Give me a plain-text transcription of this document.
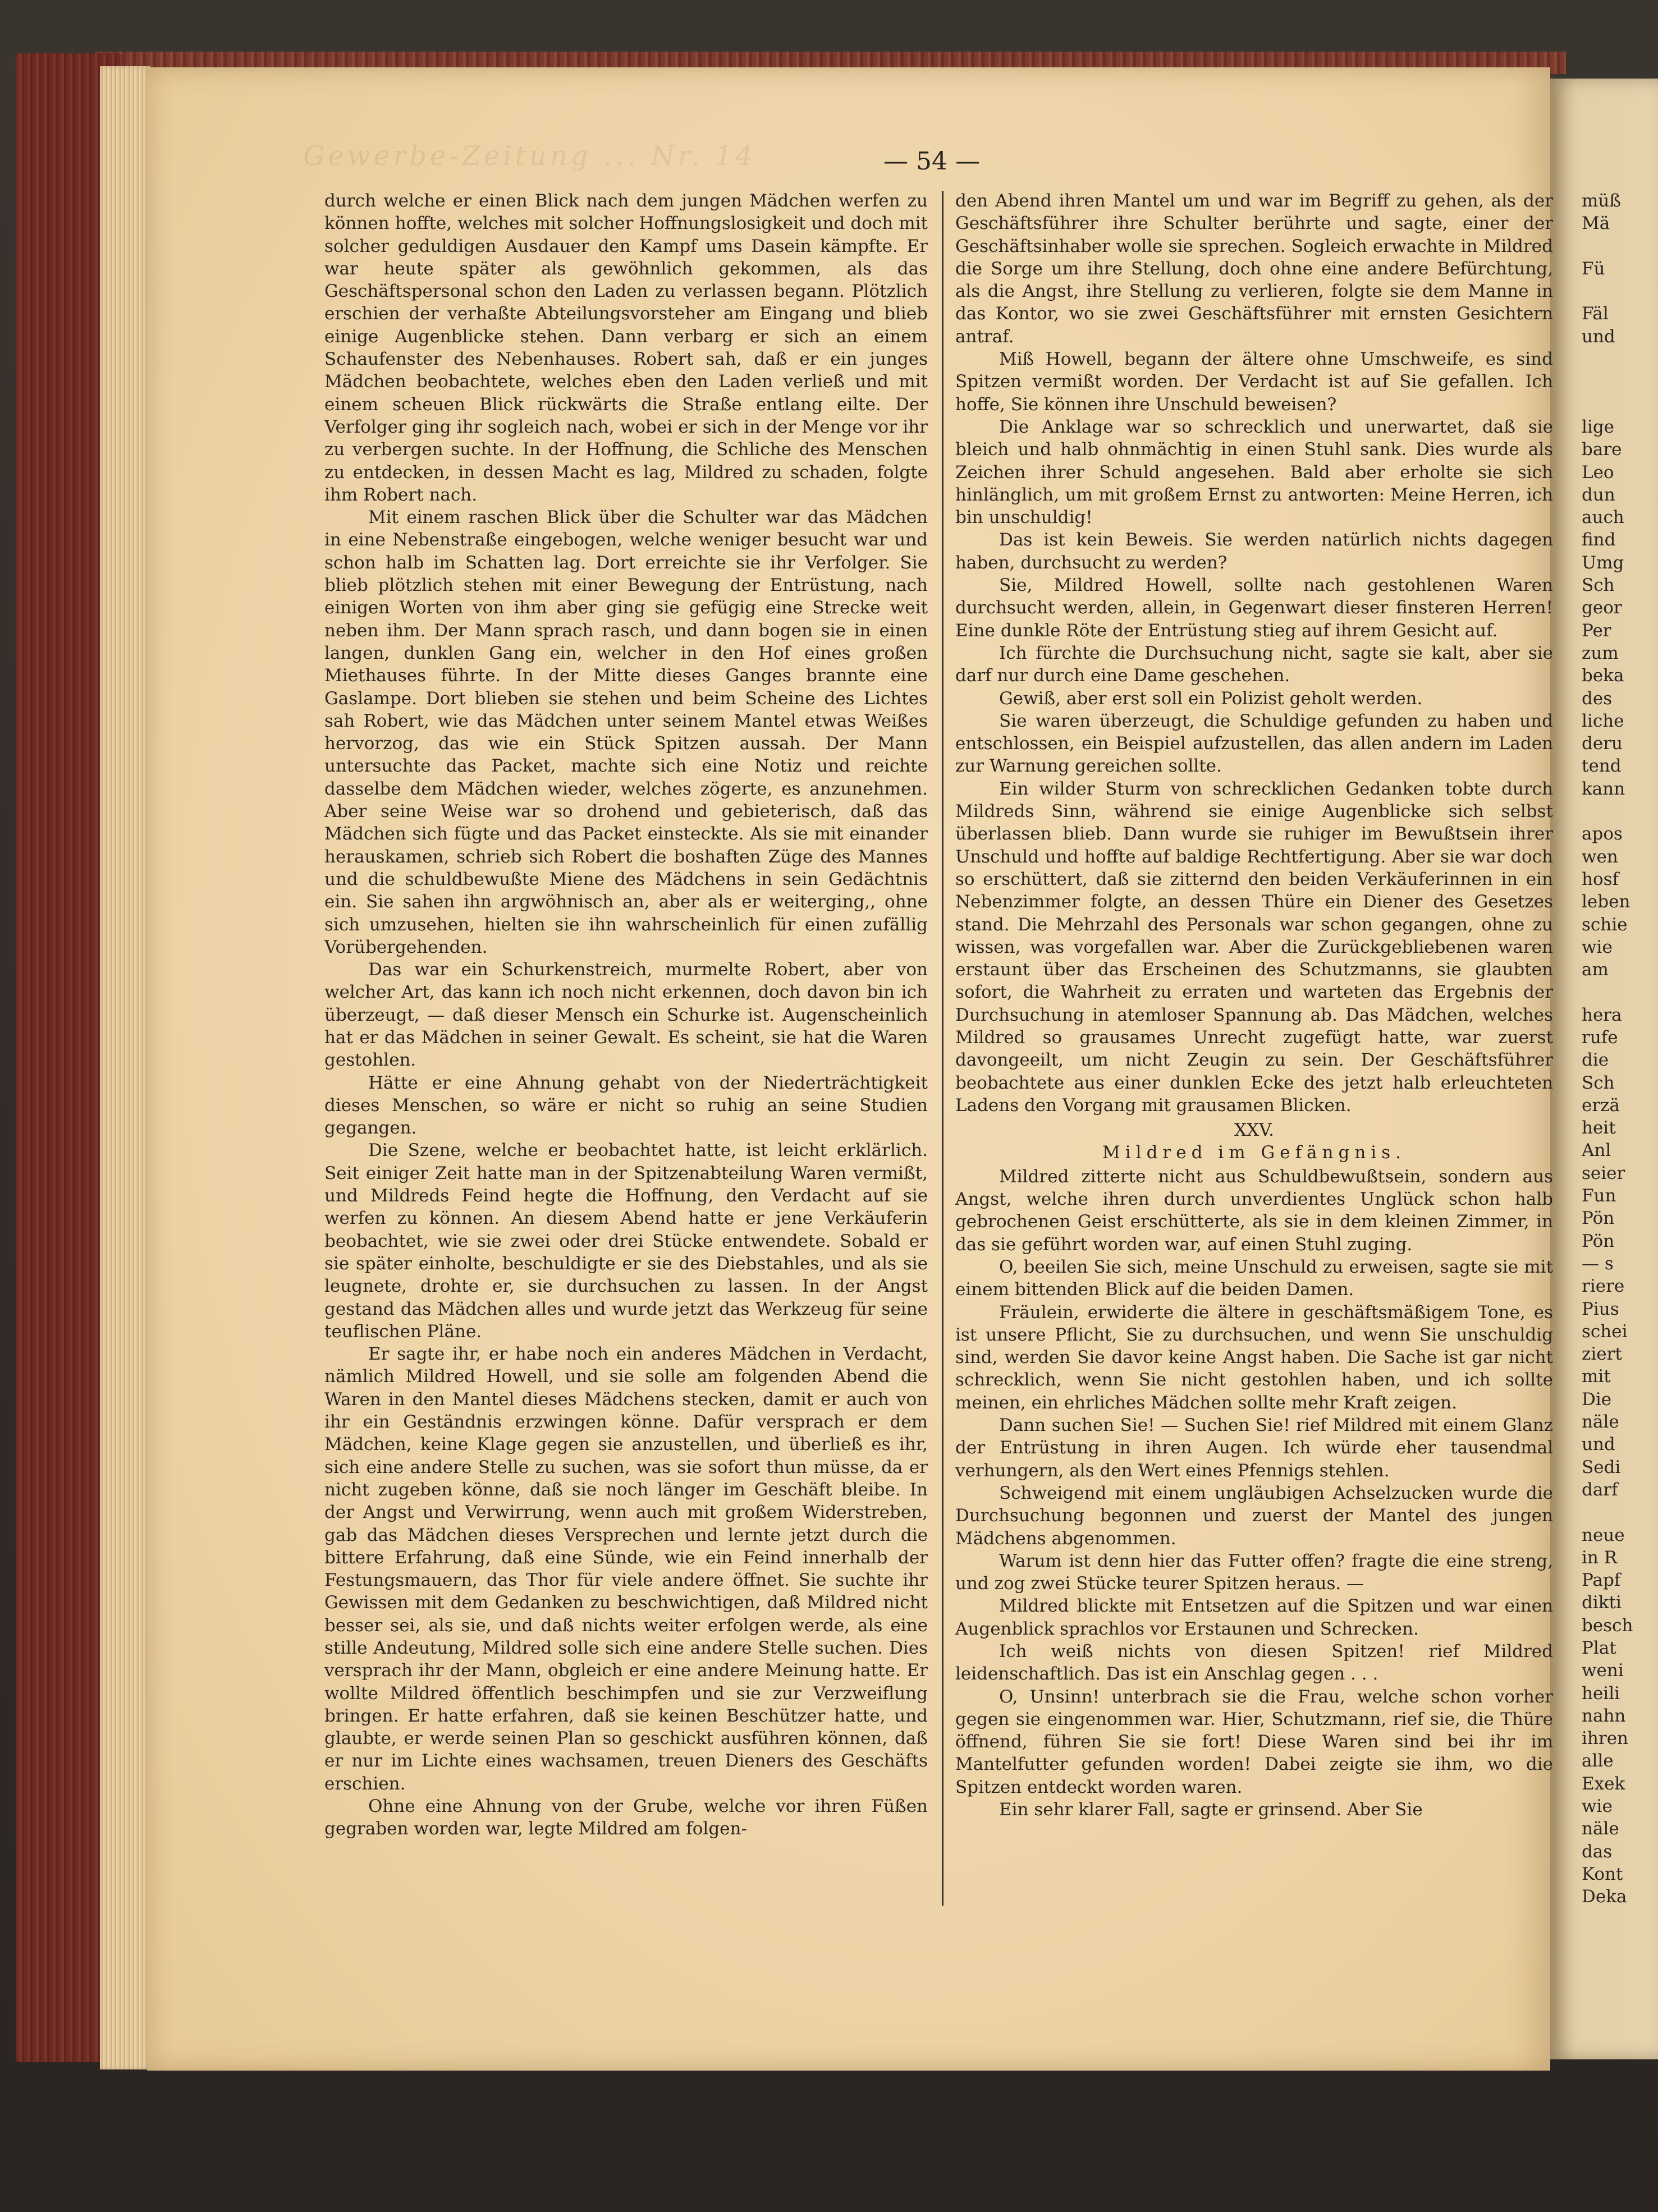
Gewerbe-Zeitung ... Nr. 14	— 54 —

durch welche er einen Blick nach dem jungen Mädchen werfen zu können hoffte, welches mit solcher Hoffnungslosigkeit und doch mit solcher geduldigen Ausdauer den Kampf ums Dasein kämpfte. Er war heute später als gewöhnlich gekommen, als das Geschäftspersonal schon den Laden zu verlassen begann. Plötzlich erschien der verhaßte Abteilungsvorsteher am Eingang und blieb einige Augenblicke stehen. Dann verbarg er sich an einem Schaufenster des Nebenhauses. Robert sah, daß er ein junges Mädchen beobachtete, welches eben den Laden verließ und mit einem scheuen Blick rückwärts die Straße entlang eilte. Der Verfolger ging ihr sogleich nach, wobei er sich in der Menge vor ihr zu verbergen suchte. In der Hoffnung, die Schliche des Menschen zu entdecken, in dessen Macht es lag, Mildred zu schaden, folgte ihm Robert nach.

Mit einem raschen Blick über die Schulter war das Mädchen in eine Nebenstraße eingebogen, welche weniger besucht war und schon halb im Schatten lag. Dort erreichte sie ihr Verfolger. Sie blieb plötzlich stehen mit einer Bewegung der Entrüstung, nach einigen Worten von ihm aber ging sie gefügig eine Strecke weit neben ihm. Der Mann sprach rasch, und dann bogen sie in einen langen, dunklen Gang ein, welcher in den Hof eines großen Miethauses führte. In der Mitte dieses Ganges brannte eine Gaslampe. Dort blieben sie stehen und beim Scheine des Lichtes sah Robert, wie das Mädchen unter seinem Mantel etwas Weißes hervorzog, das wie ein Stück Spitzen aussah. Der Mann untersuchte das Packet, machte sich eine Notiz und reichte dasselbe dem Mädchen wieder, welches zögerte, es anzunehmen. Aber seine Weise war so drohend und gebieterisch, daß das Mädchen sich fügte und das Packet einsteckte. Als sie mit einander herauskamen, schrieb sich Robert die boshaften Züge des Mannes und die schuldbewußte Miene des Mädchens in sein Gedächtnis ein. Sie sahen ihn argwöhnisch an, aber als er weiterging,, ohne sich umzusehen, hielten sie ihn wahrscheinlich für einen zufällig Vorübergehenden.

Das war ein Schurkenstreich, murmelte Robert, aber von welcher Art, das kann ich noch nicht erkennen, doch davon bin ich überzeugt, — daß dieser Mensch ein Schurke ist. Augenscheinlich hat er das Mädchen in seiner Gewalt. Es scheint, sie hat die Waren gestohlen.

Hätte er eine Ahnung gehabt von der Niederträchtigkeit dieses Menschen, so wäre er nicht so ruhig an seine Studien gegangen.

Die Szene, welche er beobachtet hatte, ist leicht erklärlich. Seit einiger Zeit hatte man in der Spitzenabteilung Waren vermißt, und Mildreds Feind hegte die Hoffnung, den Verdacht auf sie werfen zu können. An diesem Abend hatte er jene Verkäuferin beobachtet, wie sie zwei oder drei Stücke entwendete. Sobald er sie später einholte, beschuldigte er sie des Diebstahles, und als sie leugnete, drohte er, sie durchsuchen zu lassen. In der Angst gestand das Mädchen alles und wurde jetzt das Werkzeug für seine teuflischen Pläne.

Er sagte ihr, er habe noch ein anderes Mädchen in Verdacht, nämlich Mildred Howell, und sie solle am folgenden Abend die Waren in den Mantel dieses Mädchens stecken, damit er auch von ihr ein Geständnis erzwingen könne. Dafür versprach er dem Mädchen, keine Klage gegen sie anzustellen, und überließ es ihr, sich eine andere Stelle zu suchen, was sie sofort thun müsse, da er nicht zugeben könne, daß sie noch länger im Geschäft bleibe. In der Angst und Verwirrung, wenn auch mit großem Widerstreben, gab das Mädchen dieses Versprechen und lernte jetzt durch die bittere Erfahrung, daß eine Sünde, wie ein Feind innerhalb der Festungsmauern, das Thor für viele andere öffnet. Sie suchte ihr Gewissen mit dem Gedanken zu beschwichtigen, daß Mildred nicht besser sei, als sie, und daß nichts weiter erfolgen werde, als eine stille Andeutung, Mildred solle sich eine andere Stelle suchen. Dies versprach ihr der Mann, obgleich er eine andere Meinung hatte. Er wollte Mildred öffentlich beschimpfen und sie zur Verzweiflung bringen. Er hatte erfahren, daß sie keinen Beschützer hatte, und glaubte, er werde seinen Plan so geschickt ausführen können, daß er nur im Lichte eines wachsamen, treuen Dieners des Geschäfts erschien.

Ohne eine Ahnung von der Grube, welche vor ihren Füßen gegraben worden war, legte Mildred am folgen-

den Abend ihren Mantel um und war im Begriff zu gehen, als der Geschäftsführer ihre Schulter berührte und sagte, einer der Geschäftsinhaber wolle sie sprechen. Sogleich erwachte in Mildred die Sorge um ihre Stellung, doch ohne eine andere Befürchtung, als die Angst, ihre Stellung zu verlieren, folgte sie dem Manne in das Kontor, wo sie zwei Geschäftsführer mit ernsten Gesichtern antraf.

Miß Howell, begann der ältere ohne Umschweife, es sind Spitzen vermißt worden. Der Verdacht ist auf Sie gefallen. Ich hoffe, Sie können ihre Unschuld beweisen?

Die Anklage war so schrecklich und unerwartet, daß sie bleich und halb ohnmächtig in einen Stuhl sank. Dies wurde als Zeichen ihrer Schuld angesehen. Bald aber erholte sie sich hinlänglich, um mit großem Ernst zu antworten: Meine Herren, ich bin unschuldig!

Das ist kein Beweis. Sie werden natürlich nichts dagegen haben, durchsucht zu werden?

Sie, Mildred Howell, sollte nach gestohlenen Waren durchsucht werden, allein, in Gegenwart dieser finsteren Herren! Eine dunkle Röte der Entrüstung stieg auf ihrem Gesicht auf.

Ich fürchte die Durchsuchung nicht, sagte sie kalt, aber sie darf nur durch eine Dame geschehen.

Gewiß, aber erst soll ein Polizist geholt werden.

Sie waren überzeugt, die Schuldige gefunden zu haben und entschlossen, ein Beispiel aufzustellen, das allen andern im Laden zur Warnung gereichen sollte.

Ein wilder Sturm von schrecklichen Gedanken tobte durch Mildreds Sinn, während sie einige Augenblicke sich selbst überlassen blieb. Dann wurde sie ruhiger im Bewußtsein ihrer Unschuld und hoffte auf baldige Rechtfertigung. Aber sie war doch so erschüttert, daß sie zitternd den beiden Verkäuferinnen in ein Nebenzimmer folgte, an dessen Thüre ein Diener des Gesetzes stand. Die Mehrzahl des Personals war schon gegangen, ohne zu wissen, was vorgefallen war. Aber die Zurückgebliebenen waren erstaunt über das Erscheinen des Schutzmanns, sie glaubten sofort, die Wahrheit zu erraten und warteten das Ergebnis der Durchsuchung in atemloser Spannung ab. Das Mädchen, welches Mildred so grausames Unrecht zugefügt hatte, war zuerst davongeeilt, um nicht Zeugin zu sein. Der Geschäftsführer beobachtete aus einer dunklen Ecke des jetzt halb erleuchteten Ladens den Vorgang mit grausamen Blicken.

XXV.
Mildred im Gefängnis.

Mildred zitterte nicht aus Schuldbewußtsein, sondern aus Angst, welche ihren durch unverdientes Unglück schon halb gebrochenen Geist erschütterte, als sie in dem kleinen Zimmer, in das sie geführt worden war, auf einen Stuhl zuging.

O, beeilen Sie sich, meine Unschuld zu erweisen, sagte sie mit einem bittenden Blick auf die beiden Damen.

Fräulein, erwiderte die ältere in geschäftsmäßigem Tone, es ist unsere Pflicht, Sie zu durchsuchen, und wenn Sie unschuldig sind, werden Sie davor keine Angst haben. Die Sache ist gar nicht schrecklich, wenn Sie nicht gestohlen haben, und ich sollte meinen, ein ehrliches Mädchen sollte mehr Kraft zeigen.

Dann suchen Sie! — Suchen Sie! rief Mildred mit einem Glanz der Entrüstung in ihren Augen. Ich würde eher tausendmal verhungern, als den Wert eines Pfennigs stehlen.

Schweigend mit einem ungläubigen Achselzucken wurde die Durchsuchung begonnen und zuerst der Mantel des jungen Mädchens abgenommen.

Warum ist denn hier das Futter offen? fragte die eine streng, und zog zwei Stücke teurer Spitzen heraus. —

Mildred blickte mit Entsetzen auf die Spitzen und war einen Augenblick sprachlos vor Erstaunen und Schrecken.

Ich weiß nichts von diesen Spitzen! rief Mildred leidenschaftlich. Das ist ein Anschlag gegen . . .

O, Unsinn! unterbrach sie die Frau, welche schon vorher gegen sie eingenommen war. Hier, Schutzmann, rief sie, die Thüre öffnend, führen Sie sie fort! Diese Waren sind bei ihr im Mantelfutter gefunden worden! Dabei zeigte sie ihm, wo die Spitzen entdeckt worden waren.

Ein sehr klarer Fall, sagte er grinsend. Aber Sie

müß
Mä
Fü
Fäl
und
lige
bare
Leo
dun
auch
find
Umg
Sch
geor
Per
zum
beka
des
liche
deru
tend
kann
apos
wen
hosf
leben
schie
wie
am
hera
rufe
die
Sch
erzä
heit
Anl
seier
Fun
Pön
Pön
— s
riere
Pius
schei
ziert
mit
Die
näle
und
Sedi
darf
neue
in R
Papf
dikti
besch
Plat
weni
heili
nahn
ihren
alle
Exek
wie
näle
das
Kont
Deka
